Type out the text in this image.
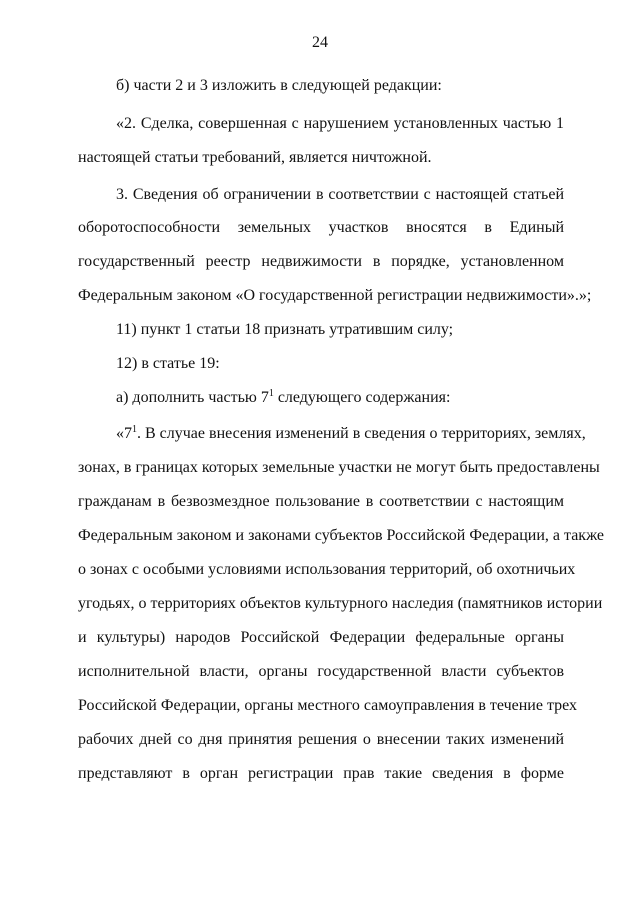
24
б) части 2 и 3 изложить в следующей редакции:
«2. Сделка, совершенная с нарушением установленных частью 1
настоящей статьи требований, является ничтожной.
3. Сведения об ограничении в соответствии с настоящей статьей
оборотоспособности земельных участков вносятся в Единый
государственный реестр недвижимости в порядке, установленном
Федеральным законом «О государственной регистрации недвижимости».»;
11) пункт 1 статьи 18 признать утратившим силу;
12) в статье 19:
а) дополнить частью $7^1$ следующего содержания:
«$7^1$. В случае внесения изменений в сведения о территориях, землях,
зонах, в границах которых земельные участки не могут быть предоставлены
гражданам в безвозмездное пользование в соответствии с настоящим
Федеральным законом и законами субъектов Российской Федерации, а также
о зонах с особыми условиями использования территорий, об охотничьих
угодьях, о территориях объектов культурного наследия (памятников истории
и культуры) народов Российской Федерации федеральные органы
исполнительной власти, органы государственной власти субъектов
Российской Федерации, органы местного самоуправления в течение трех
рабочих дней со дня принятия решения о внесении таких изменений
представляют в орган регистрации прав такие сведения в форме
